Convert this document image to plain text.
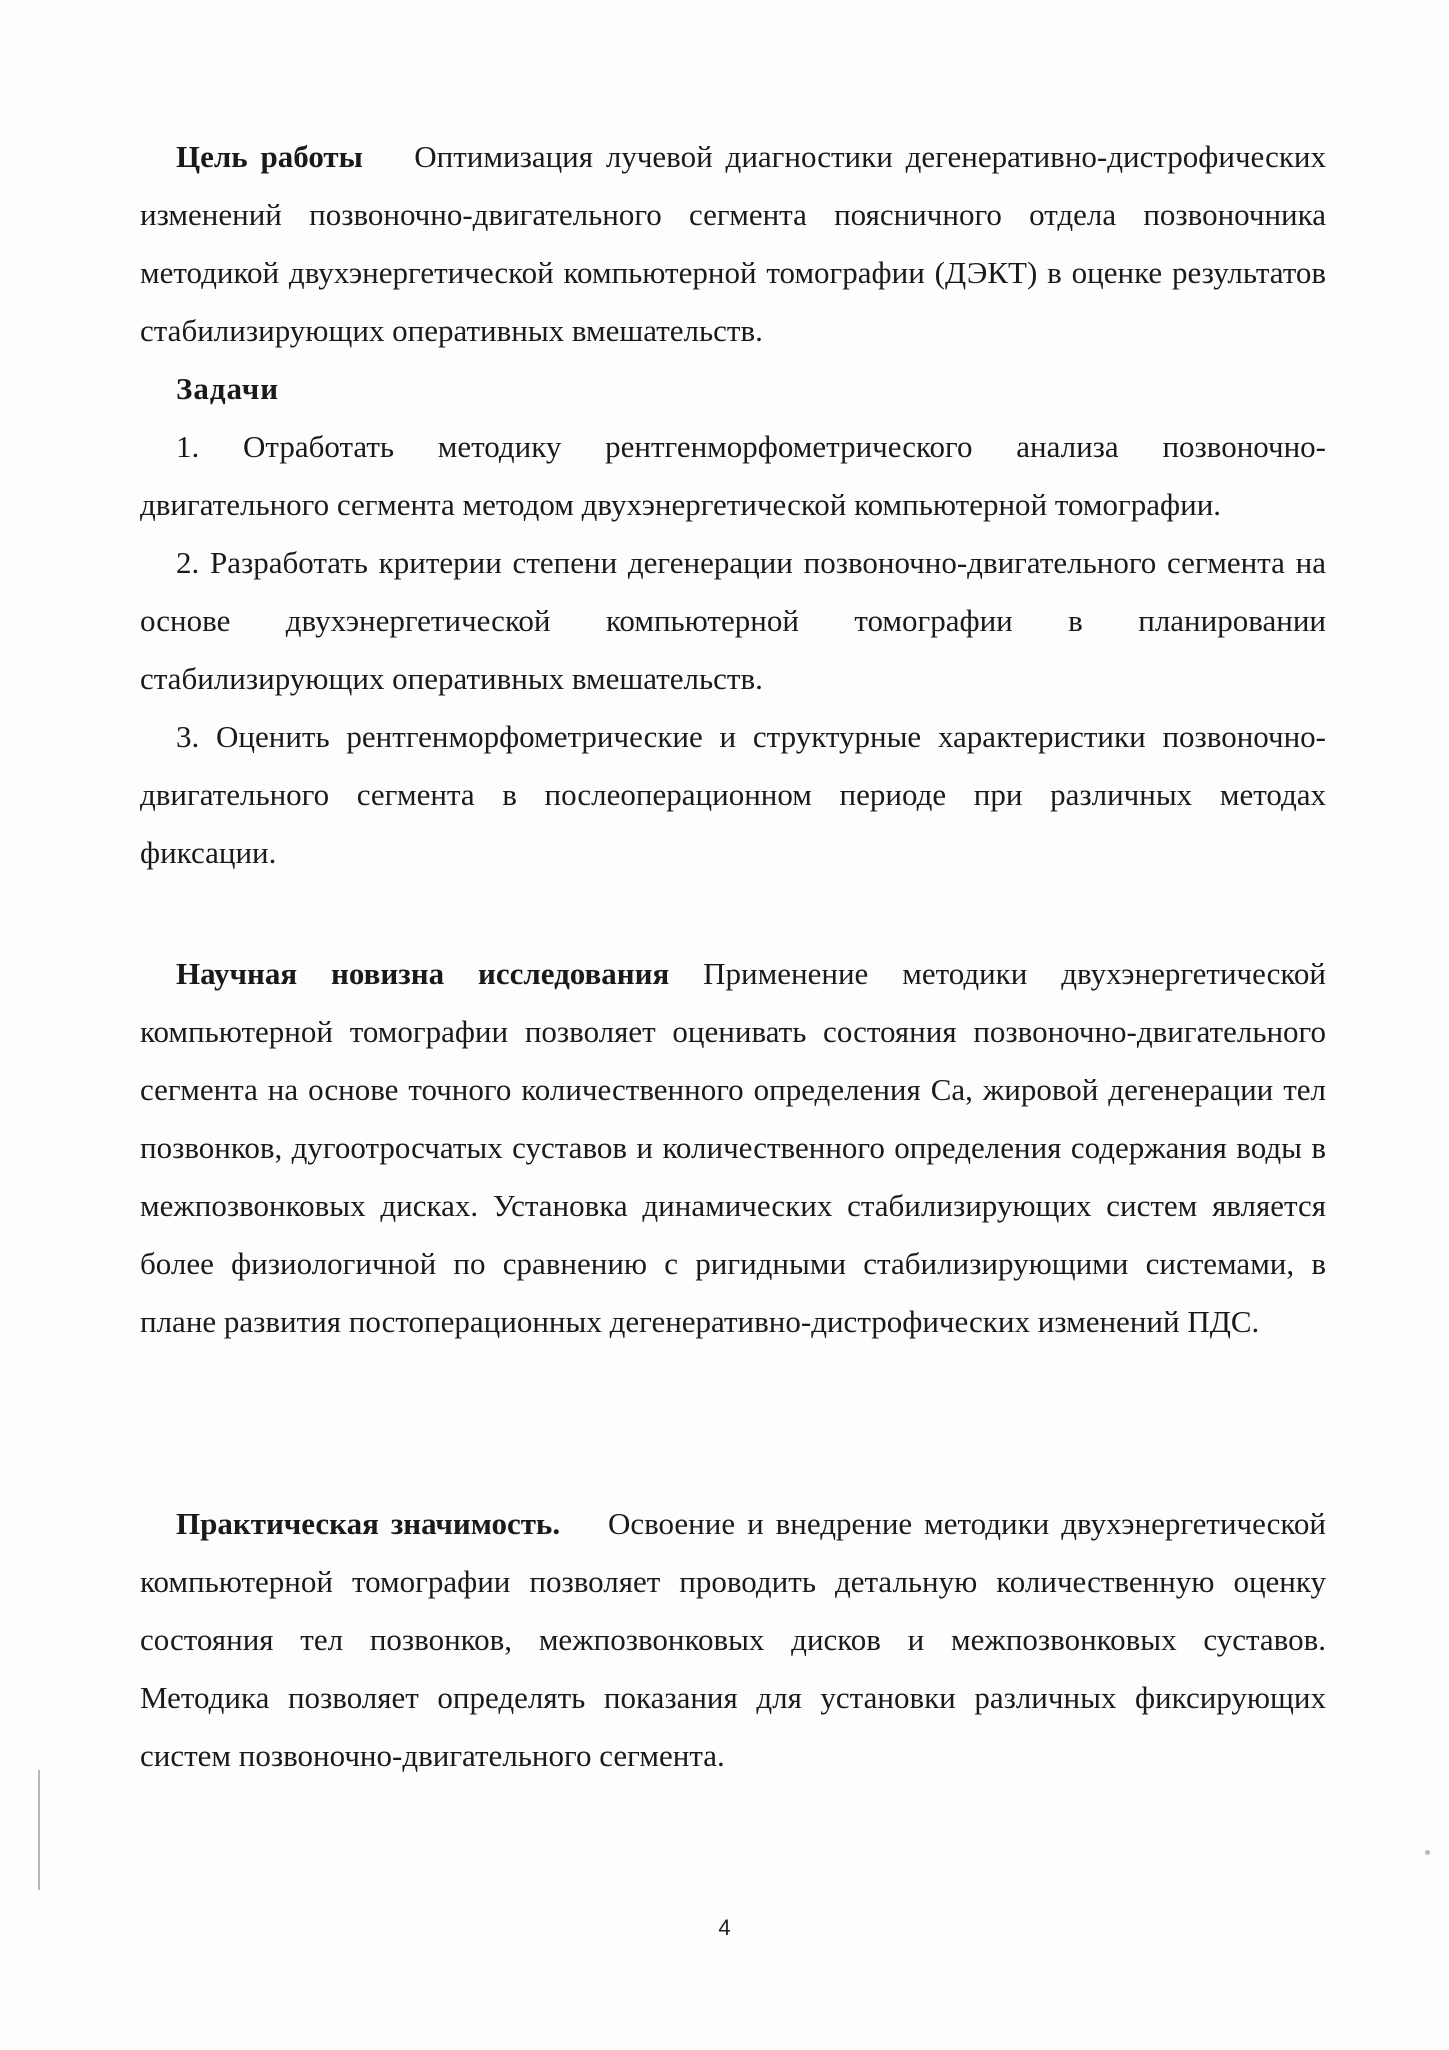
Цель работы Оптимизация лучевой диагностики дегенеративно-дистрофических изменений позвоночно-двигательного сегмента поясничного отдела позвоночника методикой двухэнергетической компьютерной томографии (ДЭКТ) в оценке результатов стабилизирующих оперативных вмешательств.

Задачи

1. Отработать методику рентгенморфометрического анализа позвоночно-двигательного сегмента методом двухэнергетической компьютерной томографии.

2. Разработать критерии степени дегенерации позвоночно-двигательного сегмента на основе двухэнергетической компьютерной томографии в планировании стабилизирующих оперативных вмешательств.

3. Оценить рентгенморфометрические и структурные характеристики позвоночно-двигательного сегмента в послеоперационном периоде при различных методах фиксации.

Научная новизна исследования Применение методики двухэнергетической компьютерной томографии позволяет оценивать состояния позвоночно-двигательного сегмента на основе точного количественного определения Са, жировой дегенерации тел позвонков, дугоотросчатых суставов и количественного определения содержания воды в межпозвонковых дисках. Установка динамических стабилизирующих систем является более физиологичной по сравнению с ригидными стабилизирующими системами, в плане развития постоперационных дегенеративно-дистрофических изменений ПДС.

Практическая значимость. Освоение и внедрение методики двухэнергетической компьютерной томографии позволяет проводить детальную количественную оценку состояния тел позвонков, межпозвонковых дисков и межпозвонковых суставов. Методика позволяет определять показания для установки различных фиксирующих систем позвоночно-двигательного сегмента.

4
